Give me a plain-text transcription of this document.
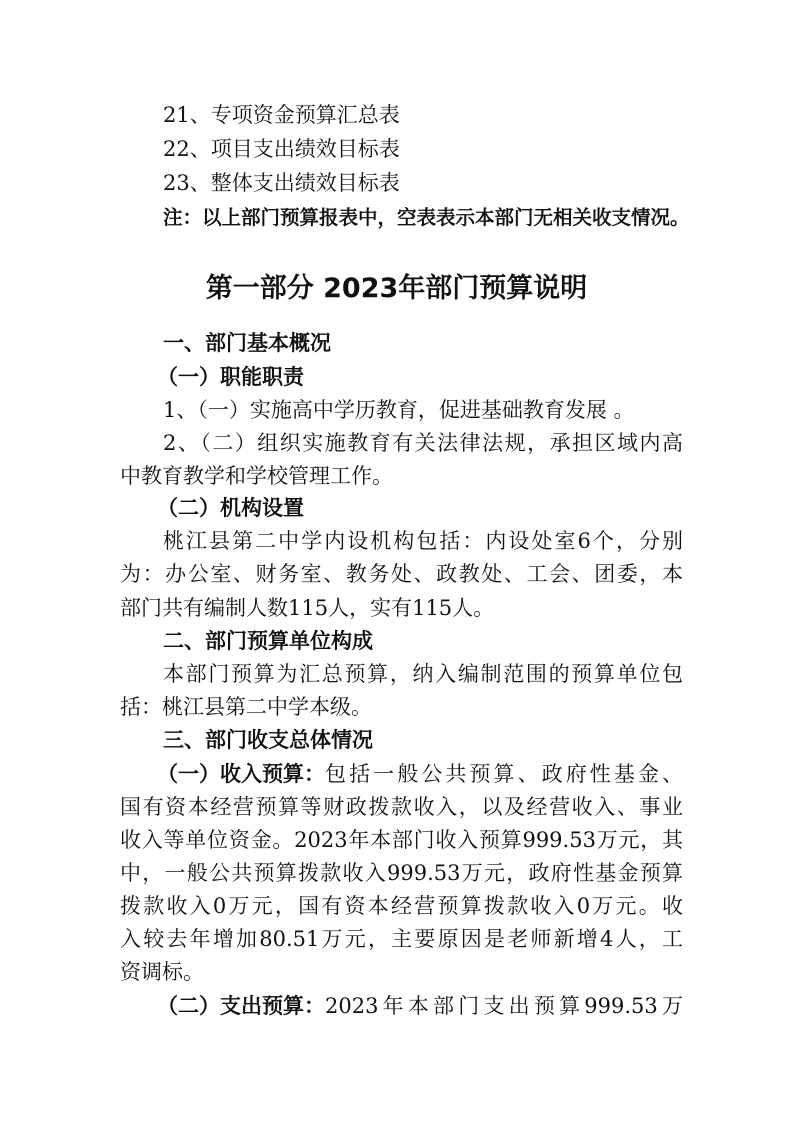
21、专项资金预算汇总表
22、项目支出绩效目标表
23、整体支出绩效目标表
注：以上部门预算报表中，空表表示本部门无相关收支情况。
第一部分 2023年部门预算说明
一、部门基本概况
（一）职能职责
1、（一）实施高中学历教育，促进基础教育发展 。
2、（二）组织实施教育有关法律法规，承担区域内高
中教育教学和学校管理工作。
（二）机构设置
桃江县第二中学内设机构包括：内设处室6个，分别
为：办公室、财务室、教务处、政教处、工会、团委，本
部门共有编制人数115人，实有115人。
二、部门预算单位构成
本部门预算为汇总预算，纳入编制范围的预算单位包
括：桃江县第二中学本级。
三、部门收支总体情况
（一）收入预算： 包括一般公共预算、政府性基金、
国有资本经营预算等财政拨款收入，以及经营收入、事业
收入等单位资金。2023年本部门收入预算999.53万元，其
中，一般公共预算拨款收入999.53万元，政府性基金预算
拨款收入0万元，国有资本经营预算拨款收入0万元。收
入较去年增加80.51万元，主要原因是老师新增4人，工
资调标。
（二）支出预算： 2023年本部门支出预算999.53万
